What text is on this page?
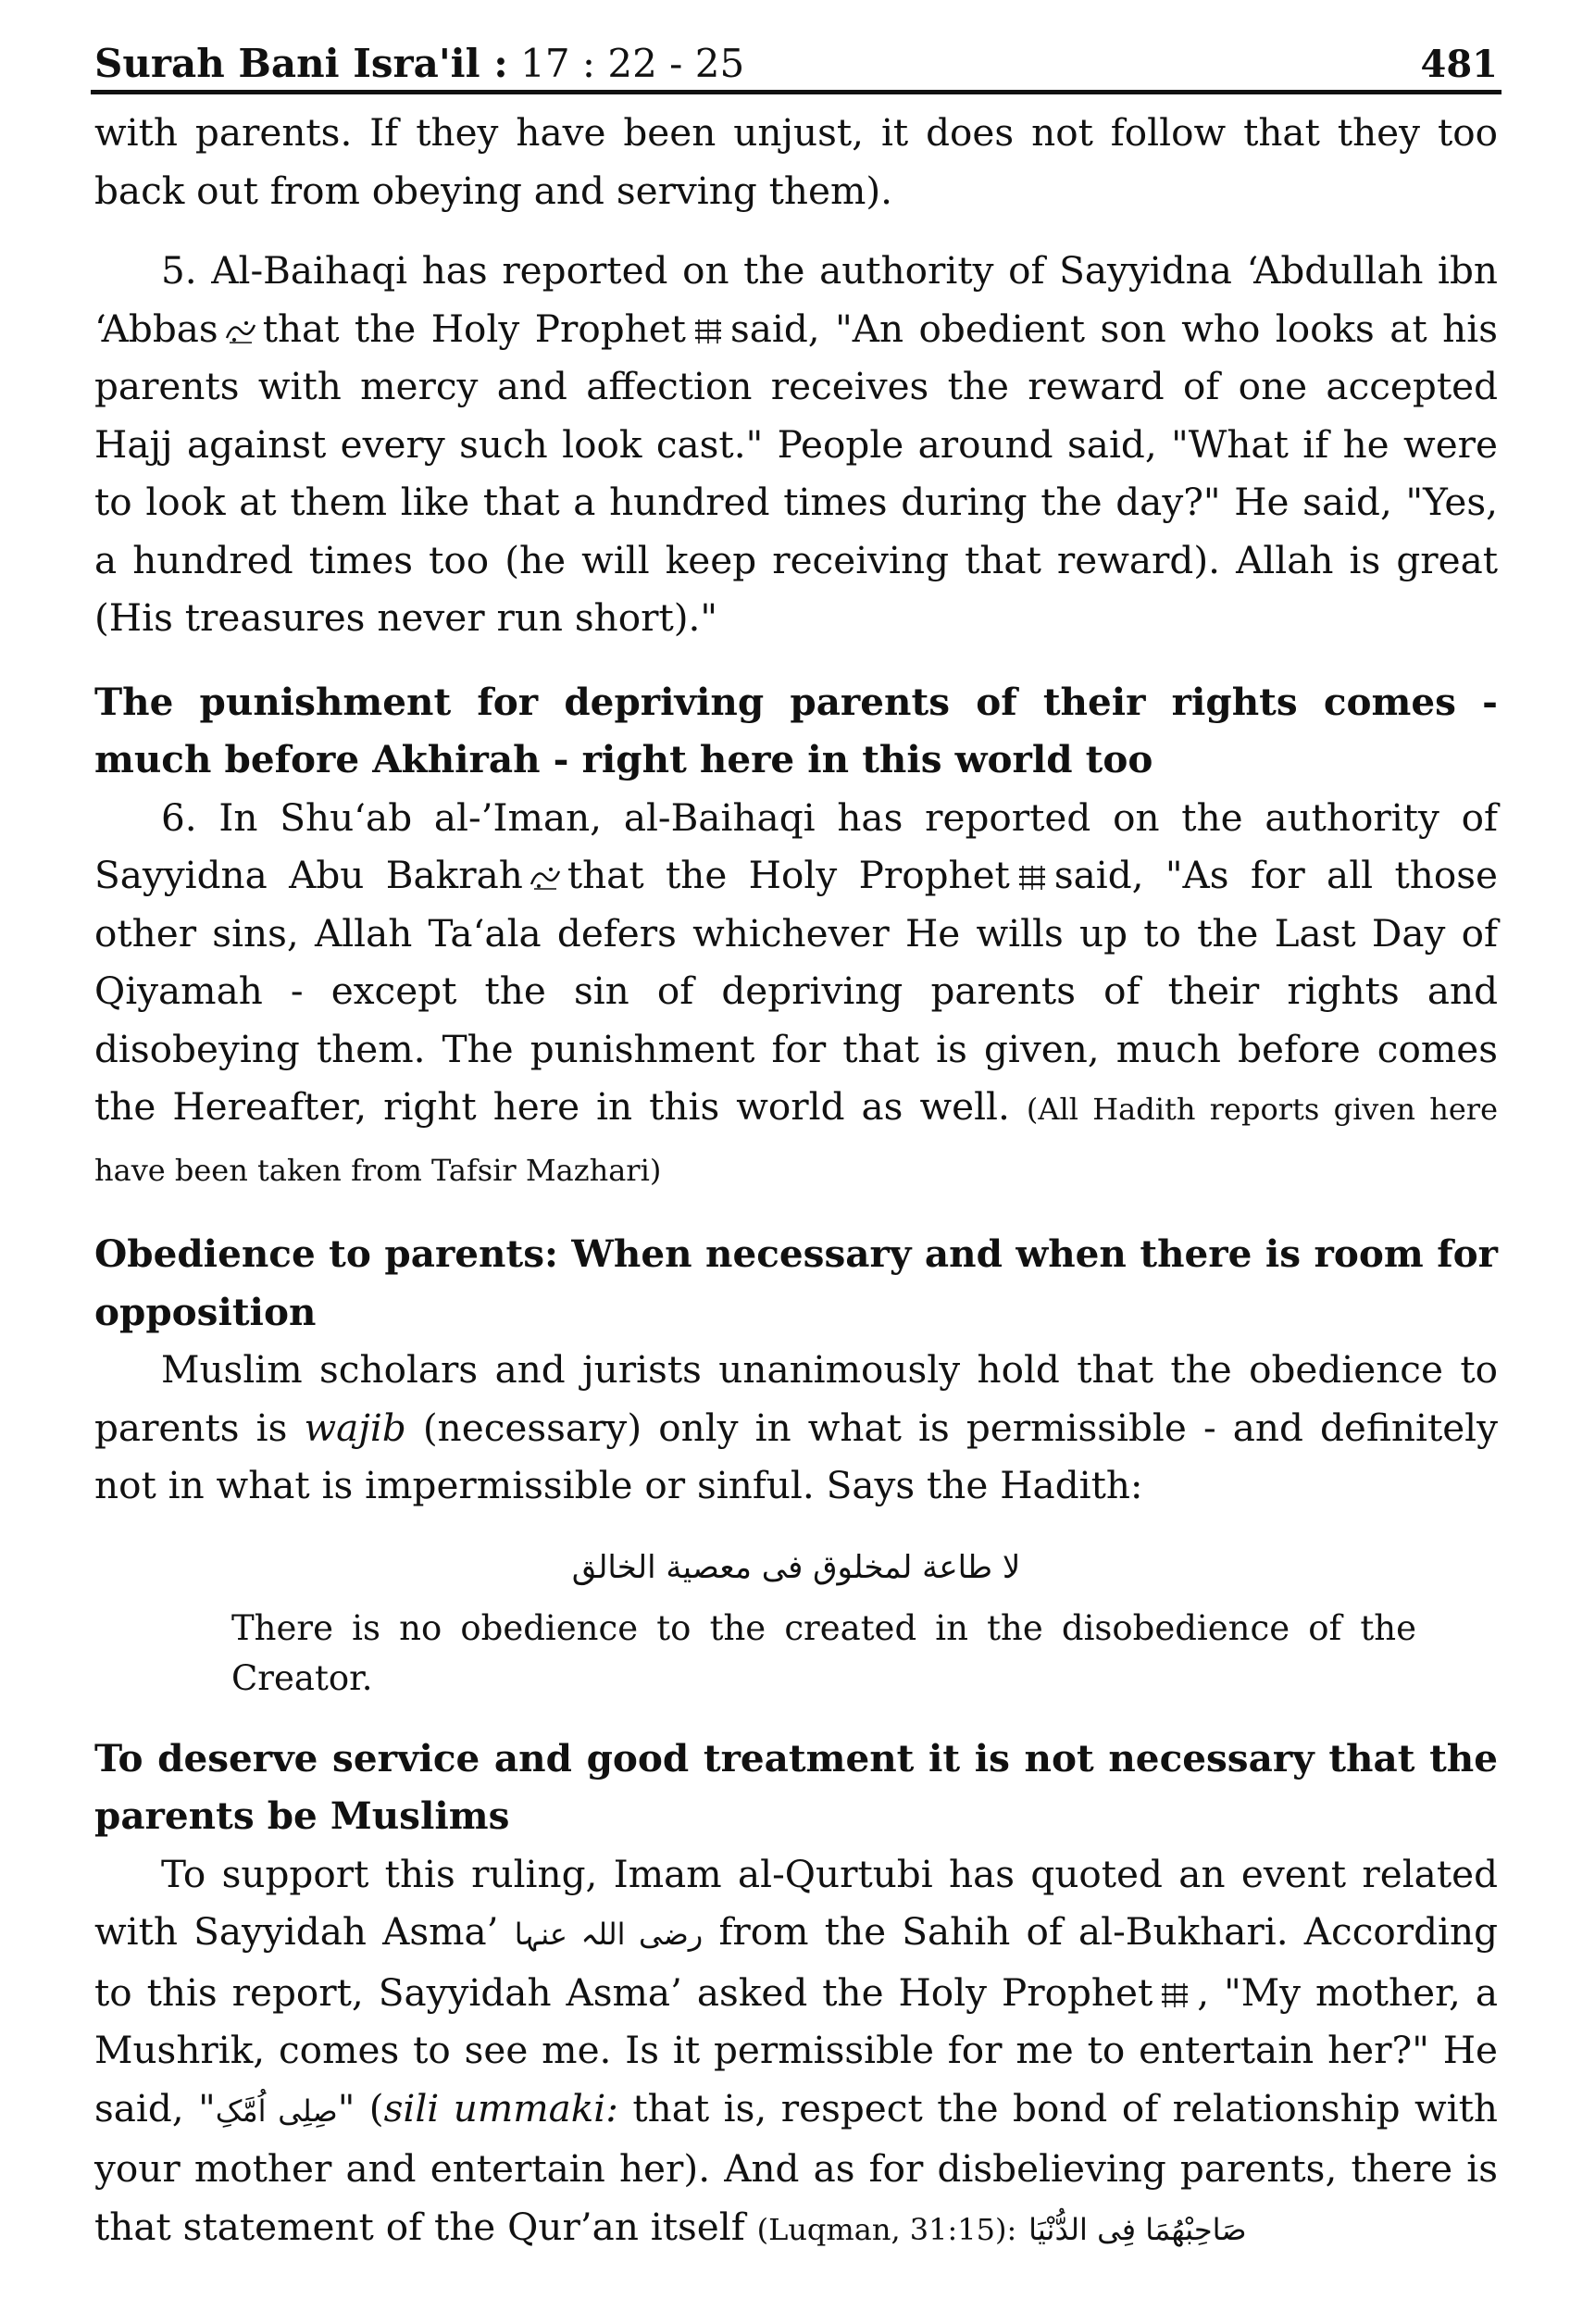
Surah Bani Isra'il : 17 : 22 - 25	481

with parents. If they have been unjust, it does not follow that they too back out from obeying and serving them).

5. Al-Baihaqi has reported on the authority of Sayyidna ‘Abdullah ibn ‘Abbas that the Holy Prophet said, "An obedient son who looks at his parents with mercy and affection receives the reward of one accepted Hajj against every such look cast." People around said, "What if he were to look at them like that a hundred times during the day?" He said, "Yes, a hundred times too (he will keep receiving that reward). Allah is great (His treasures never run short)."

The punishment for depriving parents of their rights comes - much before Akhirah - right here in this world too

6. In Shu‘ab al-’Iman, al-Baihaqi has reported on the authority of Sayyidna Abu Bakrah that the Holy Prophet said, "As for all those other sins, Allah Ta‘ala defers whichever He wills up to the Last Day of Qiyamah - except the sin of depriving parents of their rights and disobeying them. The punishment for that is given, much before comes the Hereafter, right here in this world as well. (All Hadith reports given here have been taken from Tafsir Mazhari)

Obedience to parents: When necessary and when there is room for opposition

Muslim scholars and jurists unanimously hold that the obedience to parents is wajib (necessary) only in what is permissible - and definitely not in what is impermissible or sinful. Says the Hadith:

لا طاعة لمخلوق فی معصیة الخالق
There is no obedience to the created in the disobedience of the Creator.
To deserve service and good treatment it is not necessary that the parents be Muslims

To support this ruling, Imam al-Qurtubi has quoted an event related with Sayyidah Asma’ رضی اللہ عنہا from the Sahih of al-Bukhari. According to this report, Sayyidah Asma’ asked the Holy Prophet , "My mother, a Mushrik, comes to see me. Is it permissible for me to entertain her?" He said, "صِلِی اُمَّکِ" (sili ummaki: that is, respect the bond of relationship with your mother and entertain her). And as for disbelieving parents, there is that statement of the Qur’an itself (Luqman, 31:15): صَاحِبْهُمَا فِی الدُّنْیَا
